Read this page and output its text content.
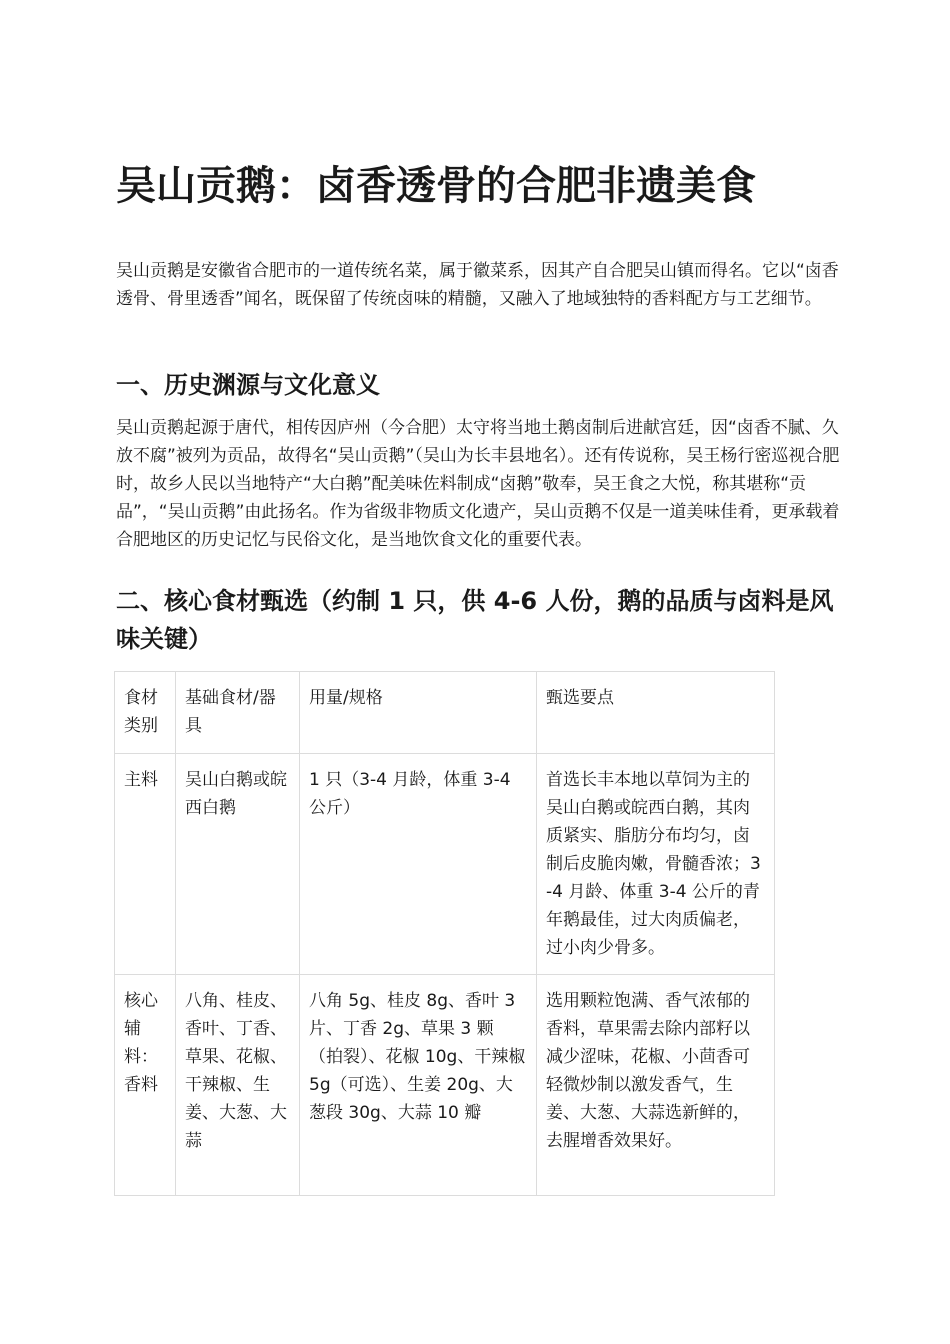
吴山贡鹅：卤香透骨的合肥非遗美食

吴山贡鹅是安徽省合肥市的一道传统名菜，属于徽菜系，因其产自合肥吴山镇而得名。它以“卤香透骨、骨里透香”闻名，既保留了传统卤味的精髓，又融入了地域独特的香料配方与工艺细节。

一、历史渊源与文化意义

吴山贡鹅起源于唐代，相传因庐州（今合肥）太守将当地土鹅卤制后进献宫廷，因“卤香不腻、久放不腐”被列为贡品，故得名“吴山贡鹅”（吴山为长丰县地名）。还有传说称，吴王杨行密巡视合肥时，故乡人民以当地特产“大白鹅”配美味佐料制成“卤鹅”敬奉，吴王食之大悦，称其堪称“贡品”，“吴山贡鹅”由此扬名。作为省级非物质文化遗产，吴山贡鹅不仅是一道美味佳肴，更承载着合肥地区的历史记忆与民俗文化，是当地饮食文化的重要代表。

二、核心食材甄选（约制 1 只，供 4-6 人份，鹅的品质与卤料是风味关键）
食材类别	基础食材/器具	用量/规格	甄选要点
主料	吴山白鹅或皖西白鹅	1 只（3-4 月龄，体重 3-4 公斤）	首选长丰本地以草饲为主的吴山白鹅或皖西白鹅，其肉质紧实、脂肪分布均匀，卤制后皮脆肉嫩，骨髓香浓；3-4 月龄、体重 3-4 公斤的青年鹅最佳，过大肉质偏老，过小肉少骨多。
核心辅料：香料	八角、桂皮、香叶、丁香、草果、花椒、干辣椒、生姜、大葱、大蒜	八角 5g、桂皮 8g、香叶 3 片、丁香 2g、草果 3 颗（拍裂）、花椒 10g、干辣椒 5g（可选）、生姜 20g、大葱段 30g、大蒜 10 瓣	选用颗粒饱满、香气浓郁的香料，草果需去除内部籽以减少涩味，花椒、小茴香可轻微炒制以激发香气，生姜、大葱、大蒜选新鲜的，去腥增香效果好。
